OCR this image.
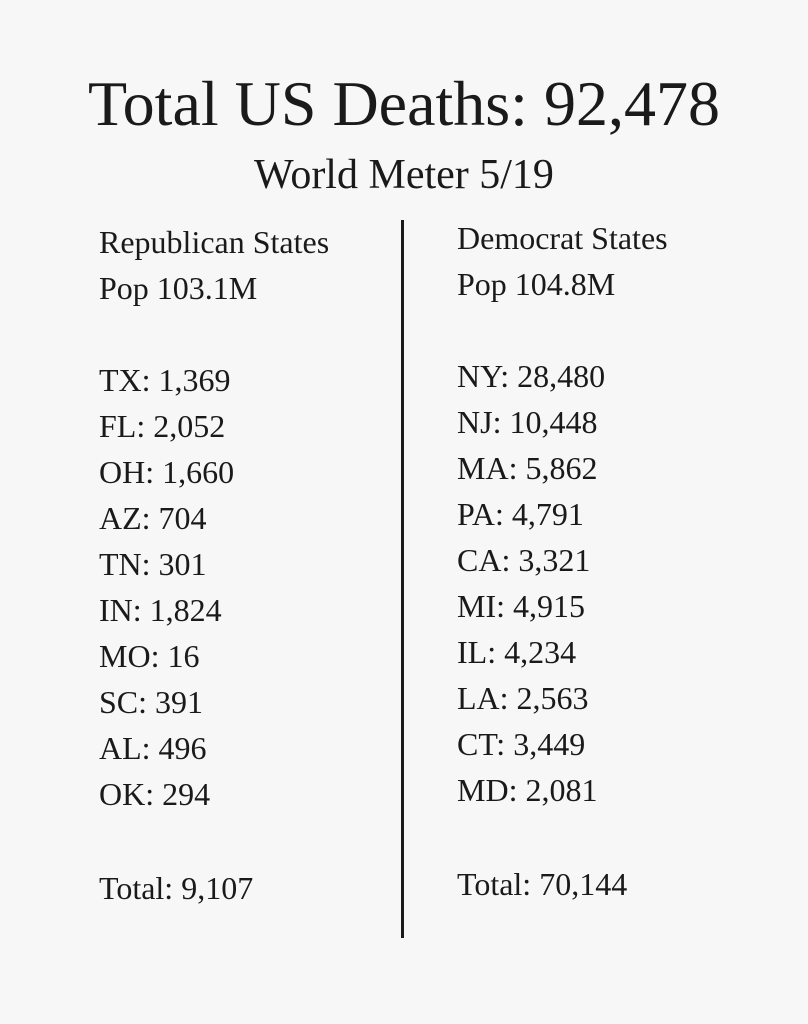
Total US Deaths: 92,478
World Meter 5/19
Republican States
Pop 103.1M
TX: 1,369
FL: 2,052
OH: 1,660
AZ: 704
TN: 301
IN: 1,824
MO: 16
SC: 391
AL: 496
OK: 294
Total: 9,107
Democrat States
Pop 104.8M
NY: 28,480
NJ: 10,448
MA: 5,862
PA: 4,791
CA: 3,321
MI: 4,915
IL: 4,234
LA: 2,563
CT: 3,449
MD: 2,081
Total: 70,144
